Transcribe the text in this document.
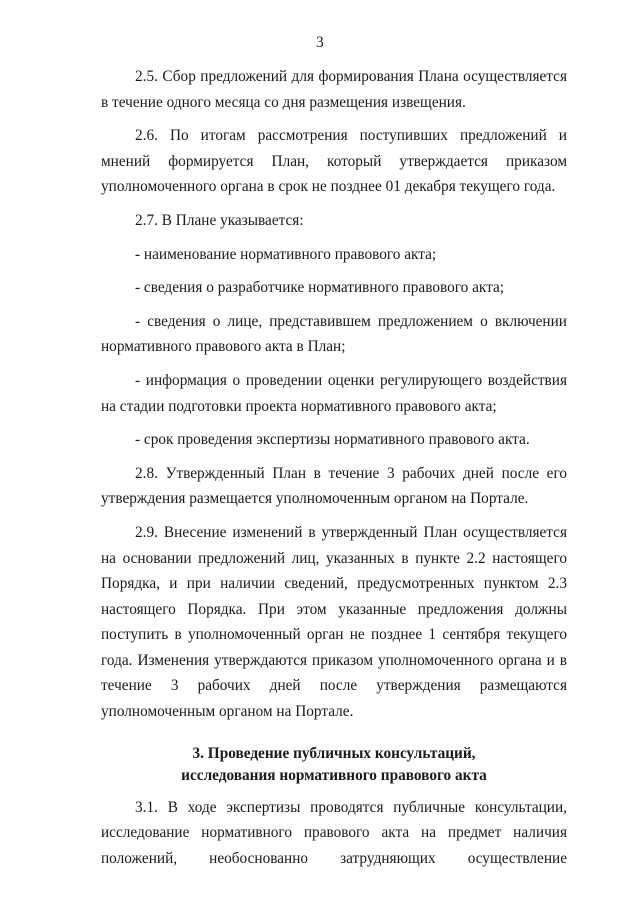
3

2.5. Сбор предложений для формирования Плана осуществляется в течение одного месяца со дня размещения извещения.

2.6. По итогам рассмотрения поступивших предложений и мнений формируется План, который утверждается приказом уполномоченного органа в срок не позднее 01 декабря текущего года.

2.7. В Плане указывается:

- наименование нормативного правового акта;

- сведения о разработчике нормативного правового акта;

- сведения о лице, представившем предложением о включении нормативного правового акта в План;

- информация о проведении оценки регулирующего воздействия на стадии подготовки проекта нормативного правового акта;

- срок проведения экспертизы нормативного правового акта.

2.8. Утвержденный План в течение 3 рабочих дней после его утверждения размещается уполномоченным органом на Портале.

2.9. Внесение изменений в утвержденный План осуществляется на основании предложений лиц, указанных в пункте 2.2 настоящего Порядка, и при наличии сведений, предусмотренных пунктом 2.3 настоящего Порядка. При этом указанные предложения должны поступить в уполномоченный орган не позднее 1 сентября текущего года. Изменения утверждаются приказом уполномоченного органа и в течение 3 рабочих дней после утверждения размещаются уполномоченным органом на Портале.

3. Проведение публичных консультаций,
исследования нормативного правового акта

3.1. В ходе экспертизы проводятся публичные консультации, исследование нормативного правового акта на предмет наличия положений, необоснованно затрудняющих осуществление
